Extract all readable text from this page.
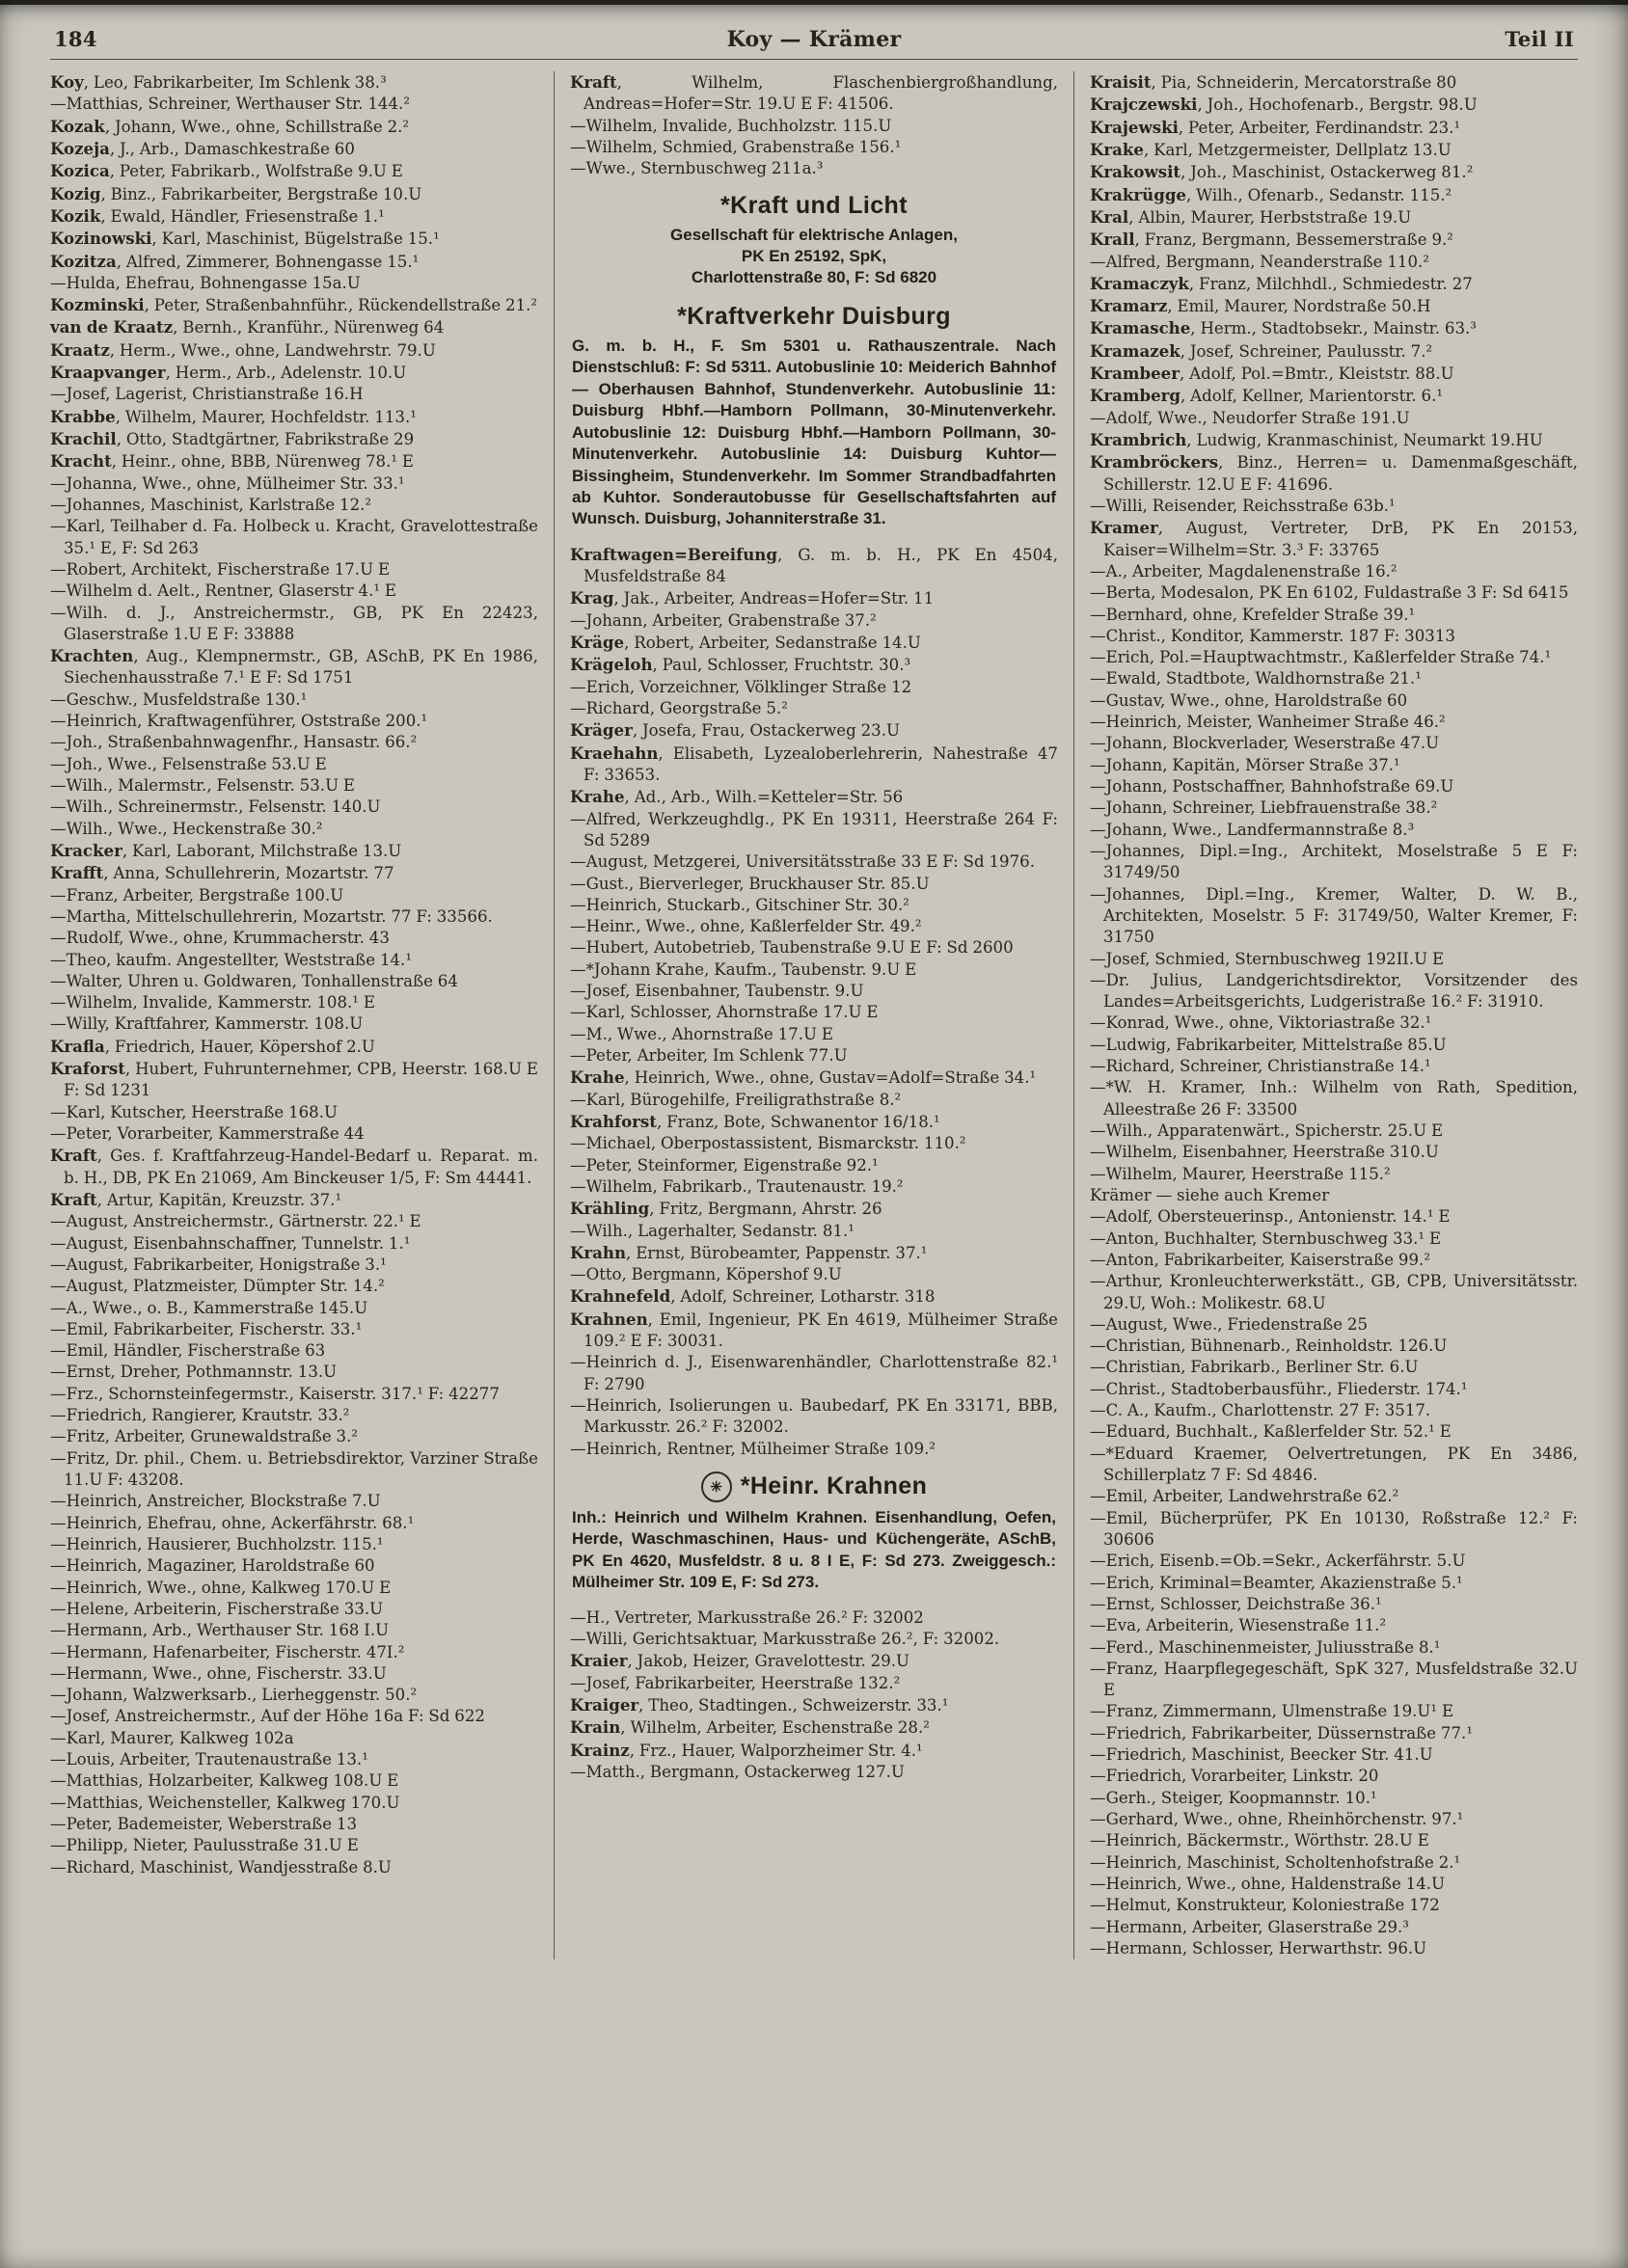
184	Koy — Krämer	Teil II
Koy, Leo, Fabrikarbeiter, Im Schlenk 38.³
—Matthias, Schreiner, Werthauser Str. 144.²
Kozak, Johann, Wwe., ohne, Schillstraße 2.²
Kozeja, J., Arb., Damaschkestraße 60
Kozica, Peter, Fabrikarb., Wolfstraße 9.U E
Kozig, Binz., Fabrikarbeiter, Bergstraße 10.U
Kozik, Ewald, Händler, Friesenstraße 1.¹
Kozinowski, Karl, Maschinist, Bügelstraße 15.¹
Kozitza, Alfred, Zimmerer, Bohnengasse 15.¹
—Hulda, Ehefrau, Bohnengasse 15a.U
Kozminski, Peter, Straßenbahnführ., Rückendellstraße 21.²
van de Kraatz, Bernh., Kranführ., Nürenweg 64
Kraatz, Herm., Wwe., ohne, Landwehrstr. 79.U
Kraapvanger, Herm., Arb., Adelenstr. 10.U
—Josef, Lagerist, Christianstraße 16.H
Krabbe, Wilhelm, Maurer, Hochfeldstr. 113.¹
Krachil, Otto, Stadtgärtner, Fabrikstraße 29
Kracht, Heinr., ohne, BBB, Nürenweg 78.¹ E
—Johanna, Wwe., ohne, Mülheimer Str. 33.¹
—Johannes, Maschinist, Karlstraße 12.²
—Karl, Teilhaber d. Fa. Holbeck u. Kracht, Gravelottestraße 35.¹ E, F: Sd 263
—Robert, Architekt, Fischerstraße 17.U E
—Wilhelm d. Aelt., Rentner, Glaserstr 4.¹ E
—Wilh. d. J., Anstreichermstr., GB, PK En 22423, Glaserstraße 1.U E F: 33888
Krachten, Aug., Klempnermstr., GB, ASchB, PK En 1986, Siechenhausstraße 7.¹ E F: Sd 1751
—Geschw., Musfeldstraße 130.¹
—Heinrich, Kraftwagenführer, Oststraße 200.¹
—Joh., Straßenbahnwagenfhr., Hansastr. 66.²
—Joh., Wwe., Felsenstraße 53.U E
—Wilh., Malermstr., Felsenstr. 53.U E
—Wilh., Schreinermstr., Felsenstr. 140.U
—Wilh., Wwe., Heckenstraße 30.²
Kracker, Karl, Laborant, Milchstraße 13.U
Krafft, Anna, Schullehrerin, Mozartstr. 77
—Franz, Arbeiter, Bergstraße 100.U
—Martha, Mittelschullehrerin, Mozartstr. 77 F: 33566.
—Rudolf, Wwe., ohne, Krummacherstr. 43
—Theo, kaufm. Angestellter, Weststraße 14.¹
—Walter, Uhren u. Goldwaren, Tonhallenstraße 64
—Wilhelm, Invalide, Kammerstr. 108.¹ E
—Willy, Kraftfahrer, Kammerstr. 108.U
Krafla, Friedrich, Hauer, Köpershof 2.U
Kraforst, Hubert, Fuhrunternehmer, CPB, Heerstr. 168.U E F: Sd 1231
—Karl, Kutscher, Heerstraße 168.U
—Peter, Vorarbeiter, Kammerstraße 44
Kraft, Ges. f. Kraftfahrzeug-Handel-Bedarf u. Reparat. m. b. H., DB, PK En 21069, Am Binckeuser 1/5, F: Sm 44441.
Kraft, Artur, Kapitän, Kreuzstr. 37.¹
—August, Anstreichermstr., Gärtnerstr. 22.¹ E
—August, Eisenbahnschaffner, Tunnelstr. 1.¹
—August, Fabrikarbeiter, Honigstraße 3.¹
—August, Platzmeister, Dümpter Str. 14.²
—A., Wwe., o. B., Kammerstraße 145.U
—Emil, Fabrikarbeiter, Fischerstr. 33.¹
—Emil, Händler, Fischerstraße 63
—Ernst, Dreher, Pothmannstr. 13.U
—Frz., Schornsteinfegermstr., Kaiserstr. 317.¹ F: 42277
—Friedrich, Rangierer, Krautstr. 33.²
—Fritz, Arbeiter, Grunewaldstraße 3.²
—Fritz, Dr. phil., Chem. u. Betriebsdirektor, Varziner Straße 11.U F: 43208.
—Heinrich, Anstreicher, Blockstraße 7.U
—Heinrich, Ehefrau, ohne, Ackerfährstr. 68.¹
—Heinrich, Hausierer, Buchholzstr. 115.¹
—Heinrich, Magaziner, Haroldstraße 60
—Heinrich, Wwe., ohne, Kalkweg 170.U E
—Helene, Arbeiterin, Fischerstraße 33.U
—Hermann, Arb., Werthauser Str. 168 I.U
—Hermann, Hafenarbeiter, Fischerstr. 47I.²
—Hermann, Wwe., ohne, Fischerstr. 33.U
—Johann, Walzwerksarb., Lierheggenstr. 50.²
—Josef, Anstreichermstr., Auf der Höhe 16a F: Sd 622
—Karl, Maurer, Kalkweg 102a
—Louis, Arbeiter, Trautenaustraße 13.¹
—Matthias, Holzarbeiter, Kalkweg 108.U E
—Matthias, Weichensteller, Kalkweg 170.U
—Peter, Bademeister, Weberstraße 13
—Philipp, Nieter, Paulusstraße 31.U E
—Richard, Maschinist, Wandjesstraße 8.U
Kraft, Wilhelm, Flaschenbiergroßhandlung, Andreas=Hofer=Str. 19.U E F: 41506.
—Wilhelm, Invalide, Buchholzstr. 115.U
—Wilhelm, Schmied, Grabenstraße 156.¹
—Wwe., Sternbuschweg 211a.³
*Kraft und Licht
Gesellschaft für elektrische Anlagen,
PK En 25192, SpK,
Charlottenstraße 80, F: Sd 6820
*Kraftverkehr Duisburg
G. m. b. H., F. Sm 5301 u. Rathauszentrale. Nach Dienstschluß: F: Sd 5311. Autobuslinie 10: Meiderich Bahnhof — Oberhausen Bahnhof, Stundenverkehr. Autobuslinie 11: Duisburg Hbhf.—Hamborn Pollmann, 30-Minutenverkehr. Autobuslinie 12: Duisburg Hbhf.—Hamborn Pollmann, 30-Minutenverkehr. Autobuslinie 14: Duisburg Kuhtor—Bissingheim, Stundenverkehr. Im Sommer Strandbadfahrten ab Kuhtor. Sonderautobusse für Gesellschaftsfahrten auf Wunsch. Duisburg, Johanniterstraße 31.
Kraftwagen=Bereifung, G. m. b. H., PK En 4504, Musfeldstraße 84
Krag, Jak., Arbeiter, Andreas=Hofer=Str. 11
—Johann, Arbeiter, Grabenstraße 37.²
Kräge, Robert, Arbeiter, Sedanstraße 14.U
Krägeloh, Paul, Schlosser, Fruchtstr. 30.³
—Erich, Vorzeichner, Völklinger Straße 12
—Richard, Georgstraße 5.²
Kräger, Josefa, Frau, Ostackerweg 23.U
Kraehahn, Elisabeth, Lyzealoberlehrerin, Nahestraße 47 F: 33653.
Krahe, Ad., Arb., Wilh.=Ketteler=Str. 56
—Alfred, Werkzeughdlg., PK En 19311, Heerstraße 264 F: Sd 5289
—August, Metzgerei, Universitätsstraße 33 E F: Sd 1976.
—Gust., Bierverleger, Bruckhauser Str. 85.U
—Heinrich, Stuckarb., Gitschiner Str. 30.²
—Heinr., Wwe., ohne, Kaßlerfelder Str. 49.²
—Hubert, Autobetrieb, Taubenstraße 9.U E F: Sd 2600
—*Johann Krahe, Kaufm., Taubenstr. 9.U E
—Josef, Eisenbahner, Taubenstr. 9.U
—Karl, Schlosser, Ahornstraße 17.U E
—M., Wwe., Ahornstraße 17.U E
—Peter, Arbeiter, Im Schlenk 77.U
Krahe, Heinrich, Wwe., ohne, Gustav=Adolf=Straße 34.¹
—Karl, Bürogehilfe, Freiligrathstraße 8.²
Krahforst, Franz, Bote, Schwanentor 16/18.¹
—Michael, Oberpostassistent, Bismarckstr. 110.²
—Peter, Steinformer, Eigenstraße 92.¹
—Wilhelm, Fabrikarb., Trautenaustr. 19.²
Krähling, Fritz, Bergmann, Ahrstr. 26
—Wilh., Lagerhalter, Sedanstr. 81.¹
Krahn, Ernst, Bürobeamter, Pappenstr. 37.¹
—Otto, Bergmann, Köpershof 9.U
Krahnefeld, Adolf, Schreiner, Lotharstr. 318
Krahnen, Emil, Ingenieur, PK En 4619, Mülheimer Straße 109.² E F: 30031.
—Heinrich d. J., Eisenwarenhändler, Charlottenstraße 82.¹ F: 2790
—Heinrich, Isolierungen u. Baubedarf, PK En 33171, BBB, Markusstr. 26.² F: 32002.
—Heinrich, Rentner, Mülheimer Straße 109.²
✳ *Heinr. Krahnen
Inh.: Heinrich und Wilhelm Krahnen. Eisenhandlung, Oefen, Herde, Waschmaschinen, Haus- und Küchengeräte, ASchB, PK En 4620, Musfeldstr. 8 u. 8 I E, F: Sd 273. Zweiggesch.: Mülheimer Str. 109 E, F: Sd 273.
—H., Vertreter, Markusstraße 26.² F: 32002
—Willi, Gerichtsaktuar, Markusstraße 26.², F: 32002.
Kraier, Jakob, Heizer, Gravelottestr. 29.U
—Josef, Fabrikarbeiter, Heerstraße 132.²
Kraiger, Theo, Stadtingen., Schweizerstr. 33.¹
Krain, Wilhelm, Arbeiter, Eschenstraße 28.²
Krainz, Frz., Hauer, Walporzheimer Str. 4.¹
—Matth., Bergmann, Ostackerweg 127.U
Kraisit, Pia, Schneiderin, Mercatorstraße 80
Krajczewski, Joh., Hochofenarb., Bergstr. 98.U
Krajewski, Peter, Arbeiter, Ferdinandstr. 23.¹
Krake, Karl, Metzgermeister, Dellplatz 13.U
Krakowsit, Joh., Maschinist, Ostackerweg 81.²
Krakrügge, Wilh., Ofenarb., Sedanstr. 115.²
Kral, Albin, Maurer, Herbststraße 19.U
Krall, Franz, Bergmann, Bessemerstraße 9.²
—Alfred, Bergmann, Neanderstraße 110.²
Kramaczyk, Franz, Milchhdl., Schmiedestr. 27
Kramarz, Emil, Maurer, Nordstraße 50.H
Kramasche, Herm., Stadtobsekr., Mainstr. 63.³
Kramazek, Josef, Schreiner, Paulusstr. 7.²
Krambeer, Adolf, Pol.=Bmtr., Kleiststr. 88.U
Kramberg, Adolf, Kellner, Marientorstr. 6.¹
—Adolf, Wwe., Neudorfer Straße 191.U
Krambrich, Ludwig, Kranmaschinist, Neumarkt 19.HU
Krambröckers, Binz., Herren= u. Damenmaßgeschäft, Schillerstr. 12.U E F: 41696.
—Willi, Reisender, Reichsstraße 63b.¹
Kramer, August, Vertreter, DrB, PK En 20153, Kaiser=Wilhelm=Str. 3.³ F: 33765
—A., Arbeiter, Magdalenenstraße 16.²
—Berta, Modesalon, PK En 6102, Fuldastraße 3 F: Sd 6415
—Bernhard, ohne, Krefelder Straße 39.¹
—Christ., Konditor, Kammerstr. 187 F: 30313
—Erich, Pol.=Hauptwachtmstr., Kaßlerfelder Straße 74.¹
—Ewald, Stadtbote, Waldhornstraße 21.¹
—Gustav, Wwe., ohne, Haroldstraße 60
—Heinrich, Meister, Wanheimer Straße 46.²
—Johann, Blockverlader, Weserstraße 47.U
—Johann, Kapitän, Mörser Straße 37.¹
—Johann, Postschaffner, Bahnhofstraße 69.U
—Johann, Schreiner, Liebfrauenstraße 38.²
—Johann, Wwe., Landfermannstraße 8.³
—Johannes, Dipl.=Ing., Architekt, Moselstraße 5 E F: 31749/50
—Johannes, Dipl.=Ing., Kremer, Walter, D. W. B., Architekten, Moselstr. 5 F: 31749/50, Walter Kremer, F: 31750
—Josef, Schmied, Sternbuschweg 192II.U E
—Dr. Julius, Landgerichtsdirektor, Vorsitzender des Landes=Arbeitsgerichts, Ludgeristraße 16.² F: 31910.
—Konrad, Wwe., ohne, Viktoriastraße 32.¹
—Ludwig, Fabrikarbeiter, Mittelstraße 85.U
—Richard, Schreiner, Christianstraße 14.¹
—*W. H. Kramer, Inh.: Wilhelm von Rath, Spedition, Alleestraße 26 F: 33500
—Wilh., Apparatenwärt., Spicherstr. 25.U E
—Wilhelm, Eisenbahner, Heerstraße 310.U
—Wilhelm, Maurer, Heerstraße 115.²
Krämer — siehe auch Kremer
—Adolf, Obersteuerinsp., Antonienstr. 14.¹ E
—Anton, Buchhalter, Sternbuschweg 33.¹ E
—Anton, Fabrikarbeiter, Kaiserstraße 99.²
—Arthur, Kronleuchterwerkstätt., GB, CPB, Universitätsstr. 29.U, Woh.: Molikestr. 68.U
—August, Wwe., Friedenstraße 25
—Christian, Bühnenarb., Reinholdstr. 126.U
—Christian, Fabrikarb., Berliner Str. 6.U
—Christ., Stadtoberbausführ., Fliederstr. 174.¹
—C. A., Kaufm., Charlottenstr. 27 F: 3517.
—Eduard, Buchhalt., Kaßlerfelder Str. 52.¹ E
—*Eduard Kraemer, Oelvertretungen, PK En 3486, Schillerplatz 7 F: Sd 4846.
—Emil, Arbeiter, Landwehrstraße 62.²
—Emil, Bücherprüfer, PK En 10130, Roßstraße 12.² F: 30606
—Erich, Eisenb.=Ob.=Sekr., Ackerfährstr. 5.U
—Erich, Kriminal=Beamter, Akazienstraße 5.¹
—Ernst, Schlosser, Deichstraße 36.¹
—Eva, Arbeiterin, Wiesenstraße 11.²
—Ferd., Maschinenmeister, Juliusstraße 8.¹
—Franz, Haarpflegegeschäft, SpK 327, Musfeldstraße 32.U E
—Franz, Zimmermann, Ulmenstraße 19.U¹ E
—Friedrich, Fabrikarbeiter, Düssernstraße 77.¹
—Friedrich, Maschinist, Beecker Str. 41.U
—Friedrich, Vorarbeiter, Linkstr. 20
—Gerh., Steiger, Koopmannstr. 10.¹
—Gerhard, Wwe., ohne, Rheinhörchenstr. 97.¹
—Heinrich, Bäckermstr., Wörthstr. 28.U E
—Heinrich, Maschinist, Scholtenhofstraße 2.¹
—Heinrich, Wwe., ohne, Haldenstraße 14.U
—Helmut, Konstrukteur, Koloniestraße 172
—Hermann, Arbeiter, Glaserstraße 29.³
—Hermann, Schlosser, Herwarthstr. 96.U
